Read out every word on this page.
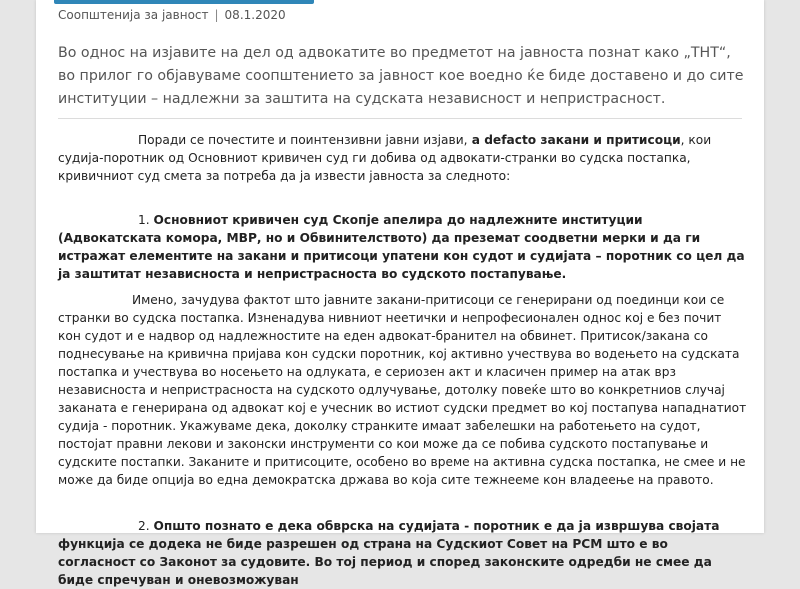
Соопштенија за јавност | 08.1.2020

Во однос на изјавите на дел од адвокатите во предметот на јавноста познат како „ТНТ“, во прилог го објавуваме соопштението за јавност кое воедно ќе биде доставено и до сите институции – надлежни за заштита на судската независност и непристрасност.

Поради се почестите и поинтензивни јавни изјави, a defacto закани и притисоци, кои судија-поротник од Основниот кривичен суд ги добива од адвокати-странки во судска постапка, кривичниот суд смета за потреба да ја извести јавноста за следното:

1. Основниот кривичен суд Скопје апелира до надлежните институции (Адвокатската комора, МВР, но и Обвинителството) да преземат соодветни мерки и да ги истражат елементите на закани и притисоци упатени кон судот и судијата – поротник со цел да ја заштитат независноста и непристрасноста во судското постапување.

Имено, зачудува фактот што јавните закани-притисоци се генерирани од поединци кои се странки во судска постапка. Изненадува нивниот неетички и непрофесионален однос кој е без почит кон судот и е надвор од надлежностите на еден адвокат-бранител на обвинет. Притисок/закана со поднесување на кривична пријава кон судски поротник, кој активно учествува во водењето на судската постапка и учествува во носењето на одлуката, е сериозен акт и класичен пример на атак врз независноста и непристрасноста на судското одлучување, дотолку повеќе што во конкретниов случај заканата е генерирана од адвокат кој е учесник во истиот судски предмет во кој постапува нападнатиот судија - поротник. Укажуваме дека, доколку странките имаат забелешки на работењето на судот, постојат правни лекови и законски инструменти со кои може да се побива судското постапување и судските постапки. Заканите и притисоците, особено во време на активна судска постапка, не смее и не може да биде опција во една демократска држава во која сите тежнееме кон владеење на правото.

2. Општо познато е дека обврска на судијата - поротник е да ја извршува својата функција се додека не биде разрешен од страна на Судскиот Совет на РСМ што е во согласност со Законот за судовите. Во тој период и според законските одредби не смее да биде спречуван и оневозможуван
